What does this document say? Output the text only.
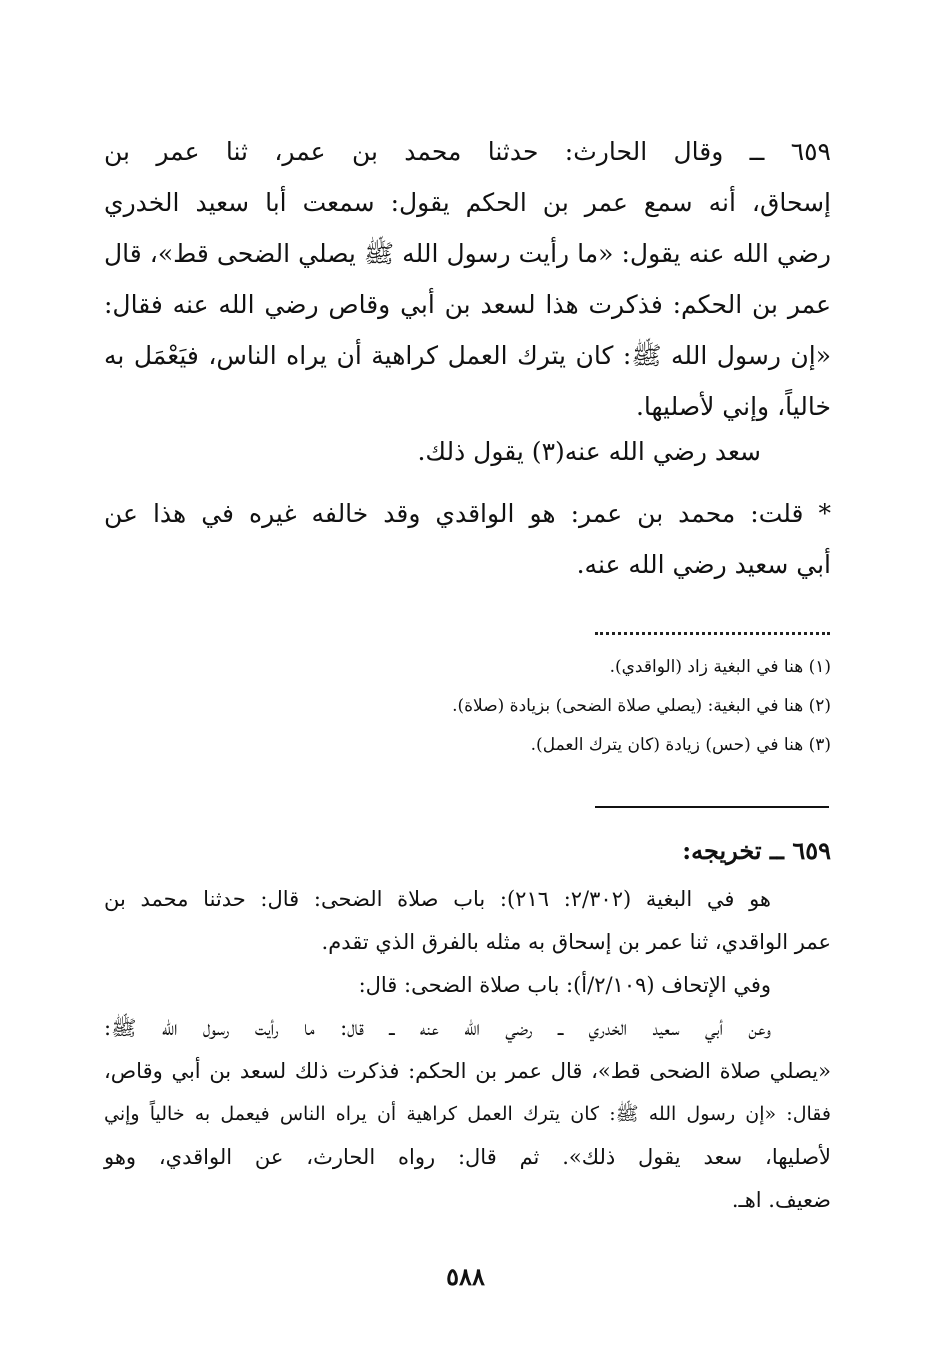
٦٥٩ ــ وقال الحارث: حدثنا محمد بن عمر، ثنا عمر بن
إسحاق، أنه سمع عمر بن الحكم يقول: سمعت أبا سعيد الخدري
رضي الله عنه يقول: «ما رأيت رسول الله ﷺ يصلي الضحى قط»، قال
عمر بن الحكم: فذكرت هذا لسعد بن أبي وقاص رضي الله عنه فقال:
«إن رسول الله ﷺ: كان يترك العمل كراهية أن يراه الناس، فيَعْمَل به
خالياً، وإني لأصليها.
سعد رضي الله عنه(٣) يقول ذلك.
* قلت: محمد بن عمر: هو الواقدي وقد خالفه غيره في هذا عن
أبي سعيد رضي الله عنه.
(١) هنا في البغية زاد (الواقدي).
(٢) هنا في البغية: (يصلي صلاة الضحى) بزيادة (صلاة).
(٣) هنا في (حس) زيادة (كان يترك العمل).
٦٥٩ ــ تخريجه:
هو في البغية (٢/٣٠٢: ٢١٦): باب صلاة الضحى: قال: حدثنا محمد بن
عمر الواقدي، ثنا عمر بن إسحاق به مثله بالفرق الذي تقدم.
وفي الإتحاف (٢/١٠٩/أ): باب صلاة الضحى: قال:
وعن أبي سعيد الخدري ــ رضي الله عنه ــ قال: ما رأيت رسول الله ﷺ:
«يصلي صلاة الضحى قط»، قال عمر بن الحكم: فذكرت ذلك لسعد بن أبي وقاص،
فقال: «إن رسول الله ﷺ: كان يترك العمل كراهية أن يراه الناس فيعمل به خالياً وإني
لأصليها، سعد يقول ذلك». ثم قال: رواه الحارث، عن الواقدي، وهو
ضعيف. اهـ.
٥٨٨
